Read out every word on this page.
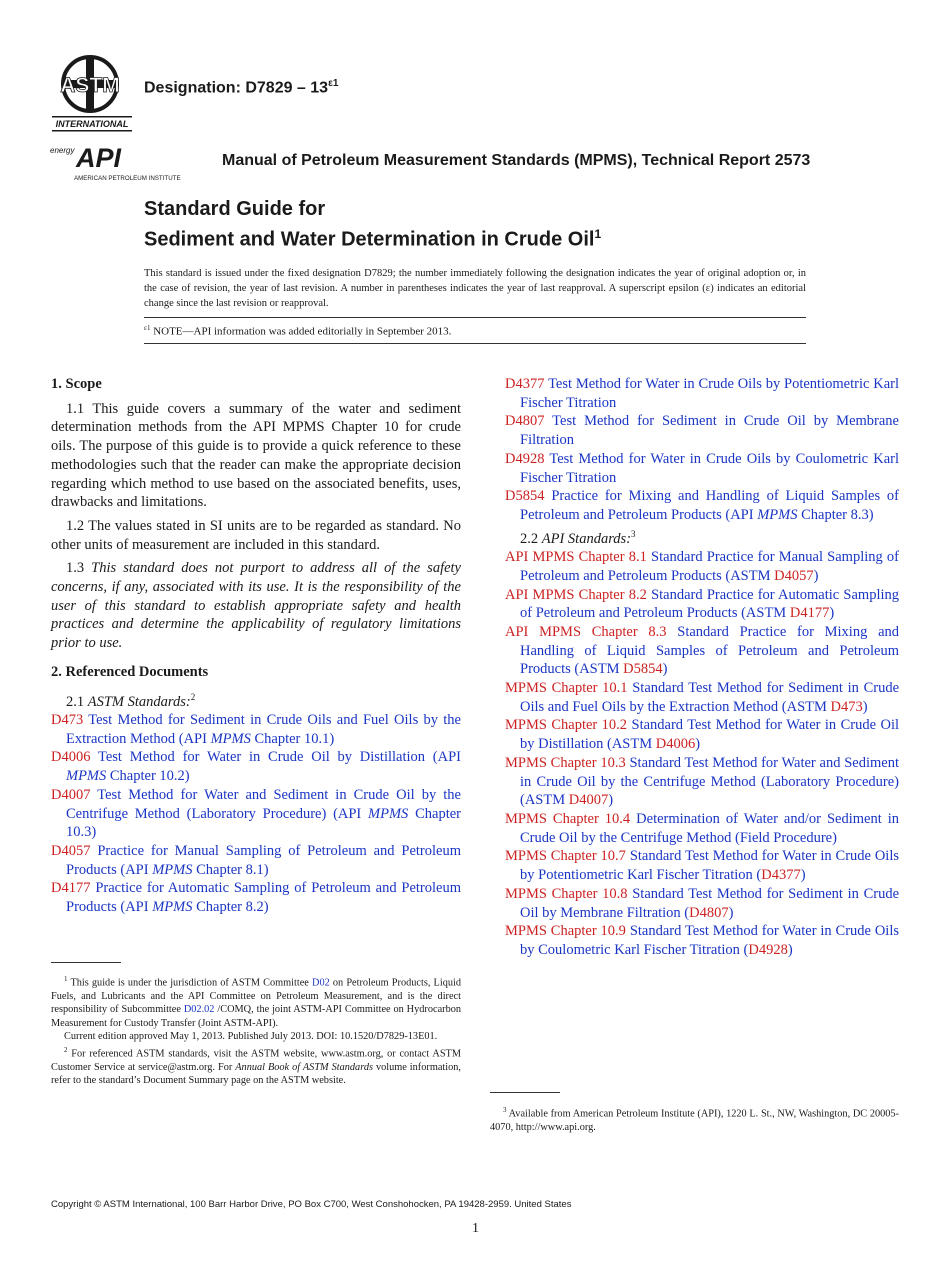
ASTM
INTERNATIONAL
energy API
AMERICAN PETROLEUM INSTITUTE
Designation: $D7829 - 13^{\varepsilon 1}$
Manual of Petroleum Measurement Standards (MPMS), Technical Report 2573
Standard Guide for
Sediment and Water Determination in Crude Oil$^1$
This standard is issued under the fixed designation D7829; the number immediately following the designation indicates the year of original adoption or, in the case of revision, the year of last revision. A number in parentheses indicates the year of last reapproval. A superscript epsilon (ε) indicates an editorial change since the last revision or reapproval.
$^{\varepsilon 1}$ NOTE—API information was added editorially in September 2013.
1. Scope
1.1 This guide covers a summary of the water and sediment determination methods from the API MPMS Chapter 10 for crude oils. The purpose of this guide is to provide a quick reference to these methodologies such that the reader can make the appropriate decision regarding which method to use based on the associated benefits, uses, drawbacks and limitations.
1.2 The values stated in SI units are to be regarded as standard. No other units of measurement are included in this standard.
1.3 This standard does not purport to address all of the safety concerns, if any, associated with its use. It is the responsibility of the user of this standard to establish appropriate safety and health practices and determine the applicability of regulatory limitations prior to use.
2. Referenced Documents
2.1 ASTM Standards:$^2$
D473 Test Method for Sediment in Crude Oils and Fuel Oils by the Extraction Method (API MPMS Chapter 10.1)
D4006 Test Method for Water in Crude Oil by Distillation (API MPMS Chapter 10.2)
D4007 Test Method for Water and Sediment in Crude Oil by the Centrifuge Method (Laboratory Procedure) (API MPMS Chapter 10.3)
D4057 Practice for Manual Sampling of Petroleum and Petroleum Products (API MPMS Chapter 8.1)
D4177 Practice for Automatic Sampling of Petroleum and Petroleum Products (API MPMS Chapter 8.2)

$^1$ This guide is under the jurisdiction of ASTM Committee D02 on Petroleum Products, Liquid Fuels, and Lubricants and the API Committee on Petroleum Measurement, and is the direct responsibility of Subcommittee D02.02 /COMQ, the joint ASTM-API Committee on Hydrocarbon Measurement for Custody Transfer (Joint ASTM-API).

Current edition approved May 1, 2013. Published July 2013. DOI: 10.1520/D7829-13E01.

$^2$ For referenced ASTM standards, visit the ASTM website, www.astm.org, or contact ASTM Customer Service at service@astm.org. For Annual Book of ASTM Standards volume information, refer to the standard’s Document Summary page on the ASTM website.

D4377 Test Method for Water in Crude Oils by Potentiometric Karl Fischer Titration
D4807 Test Method for Sediment in Crude Oil by Membrane Filtration
D4928 Test Method for Water in Crude Oils by Coulometric Karl Fischer Titration
D5854 Practice for Mixing and Handling of Liquid Samples of Petroleum and Petroleum Products (API MPMS Chapter 8.3)
2.2 API Standards:$^3$
API MPMS Chapter 8.1 Standard Practice for Manual Sampling of Petroleum and Petroleum Products (ASTM D4057)
API MPMS Chapter 8.2 Standard Practice for Automatic Sampling of Petroleum and Petroleum Products (ASTM D4177)
API MPMS Chapter 8.3 Standard Practice for Mixing and Handling of Liquid Samples of Petroleum and Petroleum Products (ASTM D5854)
MPMS Chapter 10.1 Standard Test Method for Sediment in Crude Oils and Fuel Oils by the Extraction Method (ASTM D473)
MPMS Chapter 10.2 Standard Test Method for Water in Crude Oil by Distillation (ASTM D4006)
MPMS Chapter 10.3 Standard Test Method for Water and Sediment in Crude Oil by the Centrifuge Method (Laboratory Procedure) (ASTM D4007)
MPMS Chapter 10.4 Determination of Water and/or Sediment in Crude Oil by the Centrifuge Method (Field Procedure)
MPMS Chapter 10.7 Standard Test Method for Water in Crude Oils by Potentiometric Karl Fischer Titration (D4377)
MPMS Chapter 10.8 Standard Test Method for Sediment in Crude Oil by Membrane Filtration (D4807)
MPMS Chapter 10.9 Standard Test Method for Water in Crude Oils by Coulometric Karl Fischer Titration (D4928)

$^3$ Available from American Petroleum Institute (API), 1220 L. St., NW, Washington, DC 20005-4070, http://www.api.org.

Copyright © ASTM International, 100 Barr Harbor Drive, PO Box C700, West Conshohocken, PA 19428-2959. United States
1
